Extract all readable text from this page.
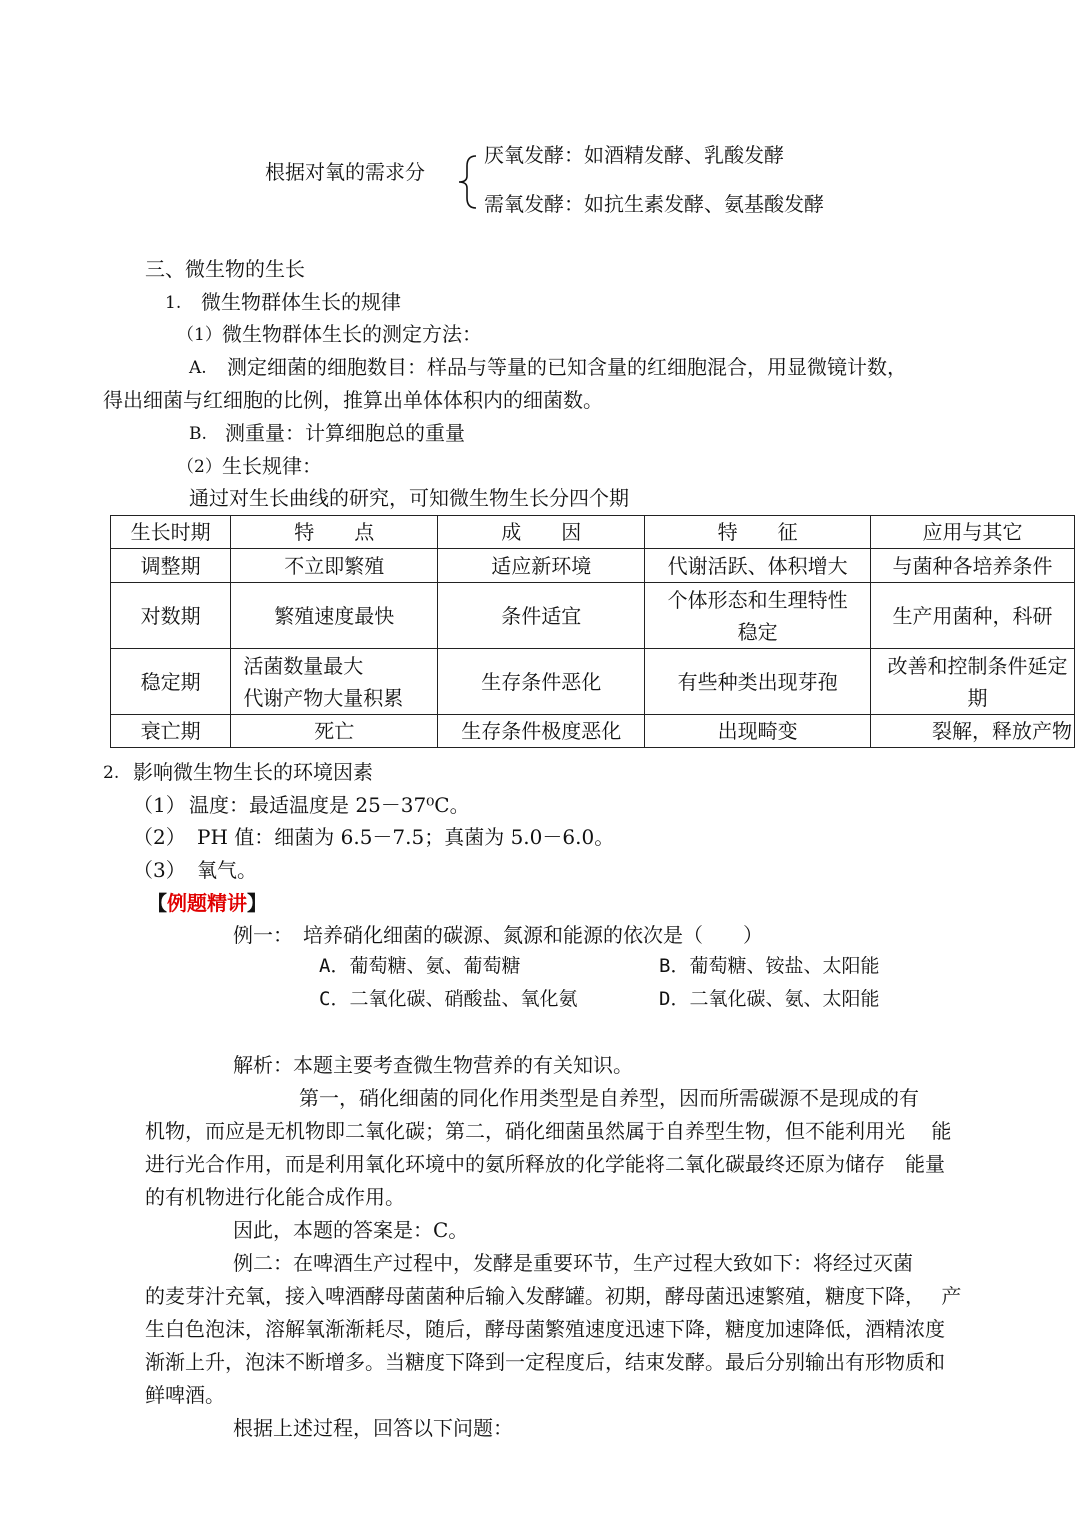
根据对氧的需求分
厌氧发酵：如酒精发酵、乳酸发酵
需氧发酵：如抗生素发酵、氨基酸发酵
三、微生物的生长
1. 微生物群体生长的规律
（1） 微生物群体生长的测定方法：
A. 测定细菌的细胞数目：样品与等量的已知含量的红细胞混合，用显微镜计数，
得出细菌与红细胞的比例，推算出单体体积内的细菌数。
B. 测重量：计算细胞总的重量
（2） 生长规律：
通过对生长曲线的研究，可知微生物生长分四个期
生长时期	特　　点	成　　因	特　　征	应用与其它
调整期	不立即繁殖	适应新环境	代谢活跃、体积增大	与菌种各培养条件
对数期	繁殖速度最快	条件适宜	个体形态和生理特性稳定	生产用菌种，科研
稳定期	活菌数量最大
代谢产物大量积累	生存条件恶化	有些种类出现芽孢	改善和控制条件延定期
衰亡期	死亡	生存条件极度恶化	出现畸变	裂解，释放产物
2. 影响微生物生长的环境因素
（1） 温度：最适温度是 25－37⁰C。
（2） PH 值：细菌为 6.5－7.5；真菌为 5.0－6.0。
（3） 氧气。
【例题精讲】
例一：　培养硝化细菌的碳源、氮源和能源的依次是（　　）
A．葡萄糖、氨、葡萄糖	B．葡萄糖、铵盐、太阳能
C．二氧化碳、硝酸盐、氧化氨	D．二氧化碳、氨、太阳能
解析：本题主要考查微生物营养的有关知识。
第一，硝化细菌的同化作用类型是自养型，因而所需碳源不是现成的有
机物，而应是无机物即二氧化碳；第二，硝化细菌虽然属于自养型生物，但不能利用光　 能
进行光合作用，而是利用氧化环境中的氨所释放的化学能将二氧化碳最终还原为储存　能量
的有机物进行化能合成作用。
因此，本题的答案是：C。
例二：在啤酒生产过程中，发酵是重要环节，生产过程大致如下：将经过灭菌
的麦芽汁充氧，接入啤酒酵母菌菌种后输入发酵罐。初期，酵母菌迅速繁殖，糖度下降，　 产
生白色泡沫，溶解氧渐渐耗尽，随后，酵母菌繁殖速度迅速下降，糖度加速降低，酒精浓度
渐渐上升，泡沫不断增多。当糖度下降到一定程度后，结束发酵。最后分别输出有形物质和
鲜啤酒。
根据上述过程，回答以下问题：
